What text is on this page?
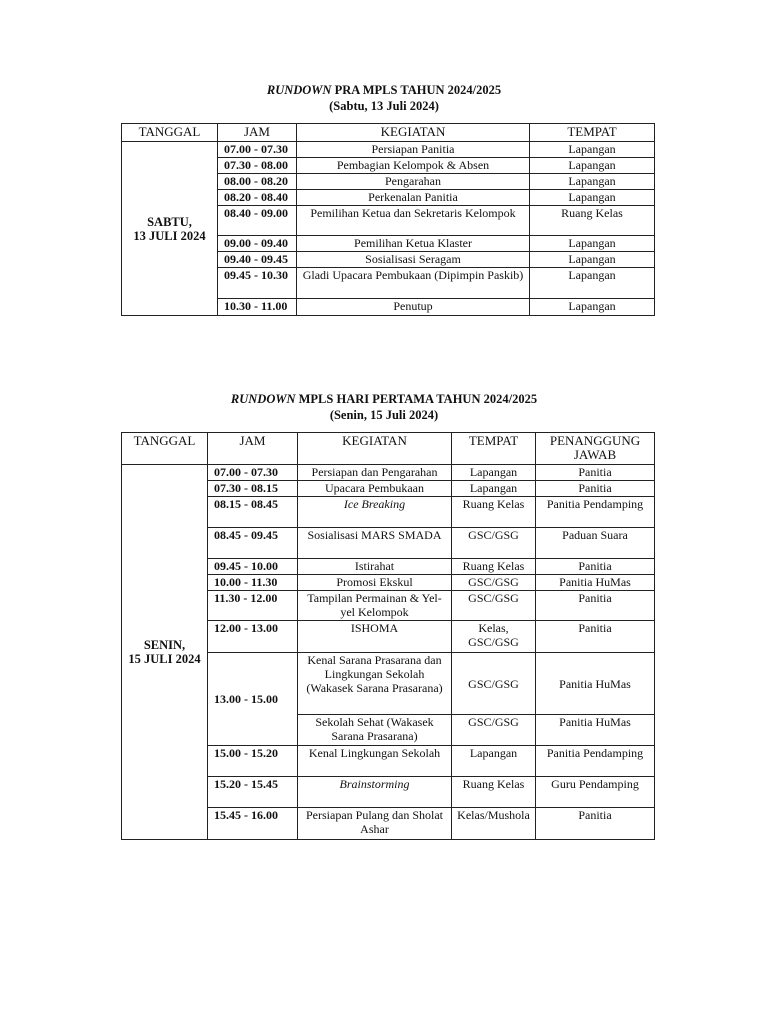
RUNDOWN PRA MPLS TAHUN 2024/2025
(Sabtu, 13 Juli 2024)
TANGGAL	JAM	KEGIATAN	TEMPAT

SABTU,
13 JULI 2024	07.00 - 07.30	Persiapan Panitia	Lapangan
	07.30 - 08.00	Pembagian Kelompok & Absen	Lapangan
	08.00 - 08.20	Pengarahan	Lapangan
	08.20 - 08.40	Perkenalan Panitia	Lapangan
	08.40 - 09.00	Pemilihan Ketua dan Sekretaris Kelompok	Ruang Kelas
	09.00 - 09.40	Pemilihan Ketua Klaster	Lapangan
	09.40 - 09.45	Sosialisasi Seragam	Lapangan
	09.45 - 10.30	Gladi Upacara Pembukaan (Dipimpin Paskib)	Lapangan
	10.30 - 11.00	Penutup	Lapangan
RUNDOWN MPLS HARI PERTAMA TAHUN 2024/2025
(Senin, 15 Juli 2024)
TANGGAL	JAM	KEGIATAN	TEMPAT	PENANGGUNG JAWAB

SENIN,
15 JULI 2024	07.00 - 07.30	Persiapan dan Pengarahan	Lapangan	Panitia
	07.30 - 08.15	Upacara Pembukaan	Lapangan	Panitia
	08.15 - 08.45	Ice Breaking	Ruang Kelas	Panitia Pendamping
	08.45 - 09.45	Sosialisasi MARS SMADA	GSC/GSG	Paduan Suara
	09.45 - 10.00	Istirahat	Ruang Kelas	Panitia
	10.00 - 11.30	Promosi Ekskul	GSC/GSG	Panitia HuMas
	11.30 - 12.00	Tampilan Permainan & Yel-yel Kelompok	GSC/GSG	Panitia
	12.00 - 13.00	ISHOMA	Kelas, GSC/GSG	Panitia
	13.00 - 15.00	Kenal Sarana Prasarana dan Lingkungan Sekolah (Wakasek Sarana Prasarana)	GSC/GSG	Panitia HuMas
		Sekolah Sehat (Wakasek Sarana Prasarana)	GSC/GSG	Panitia HuMas
	15.00 - 15.20	Kenal Lingkungan Sekolah	Lapangan	Panitia Pendamping
	15.20 - 15.45	Brainstorming	Ruang Kelas	Guru Pendamping
	15.45 - 16.00	Persiapan Pulang dan Sholat Ashar	Kelas/Mushola	Panitia
